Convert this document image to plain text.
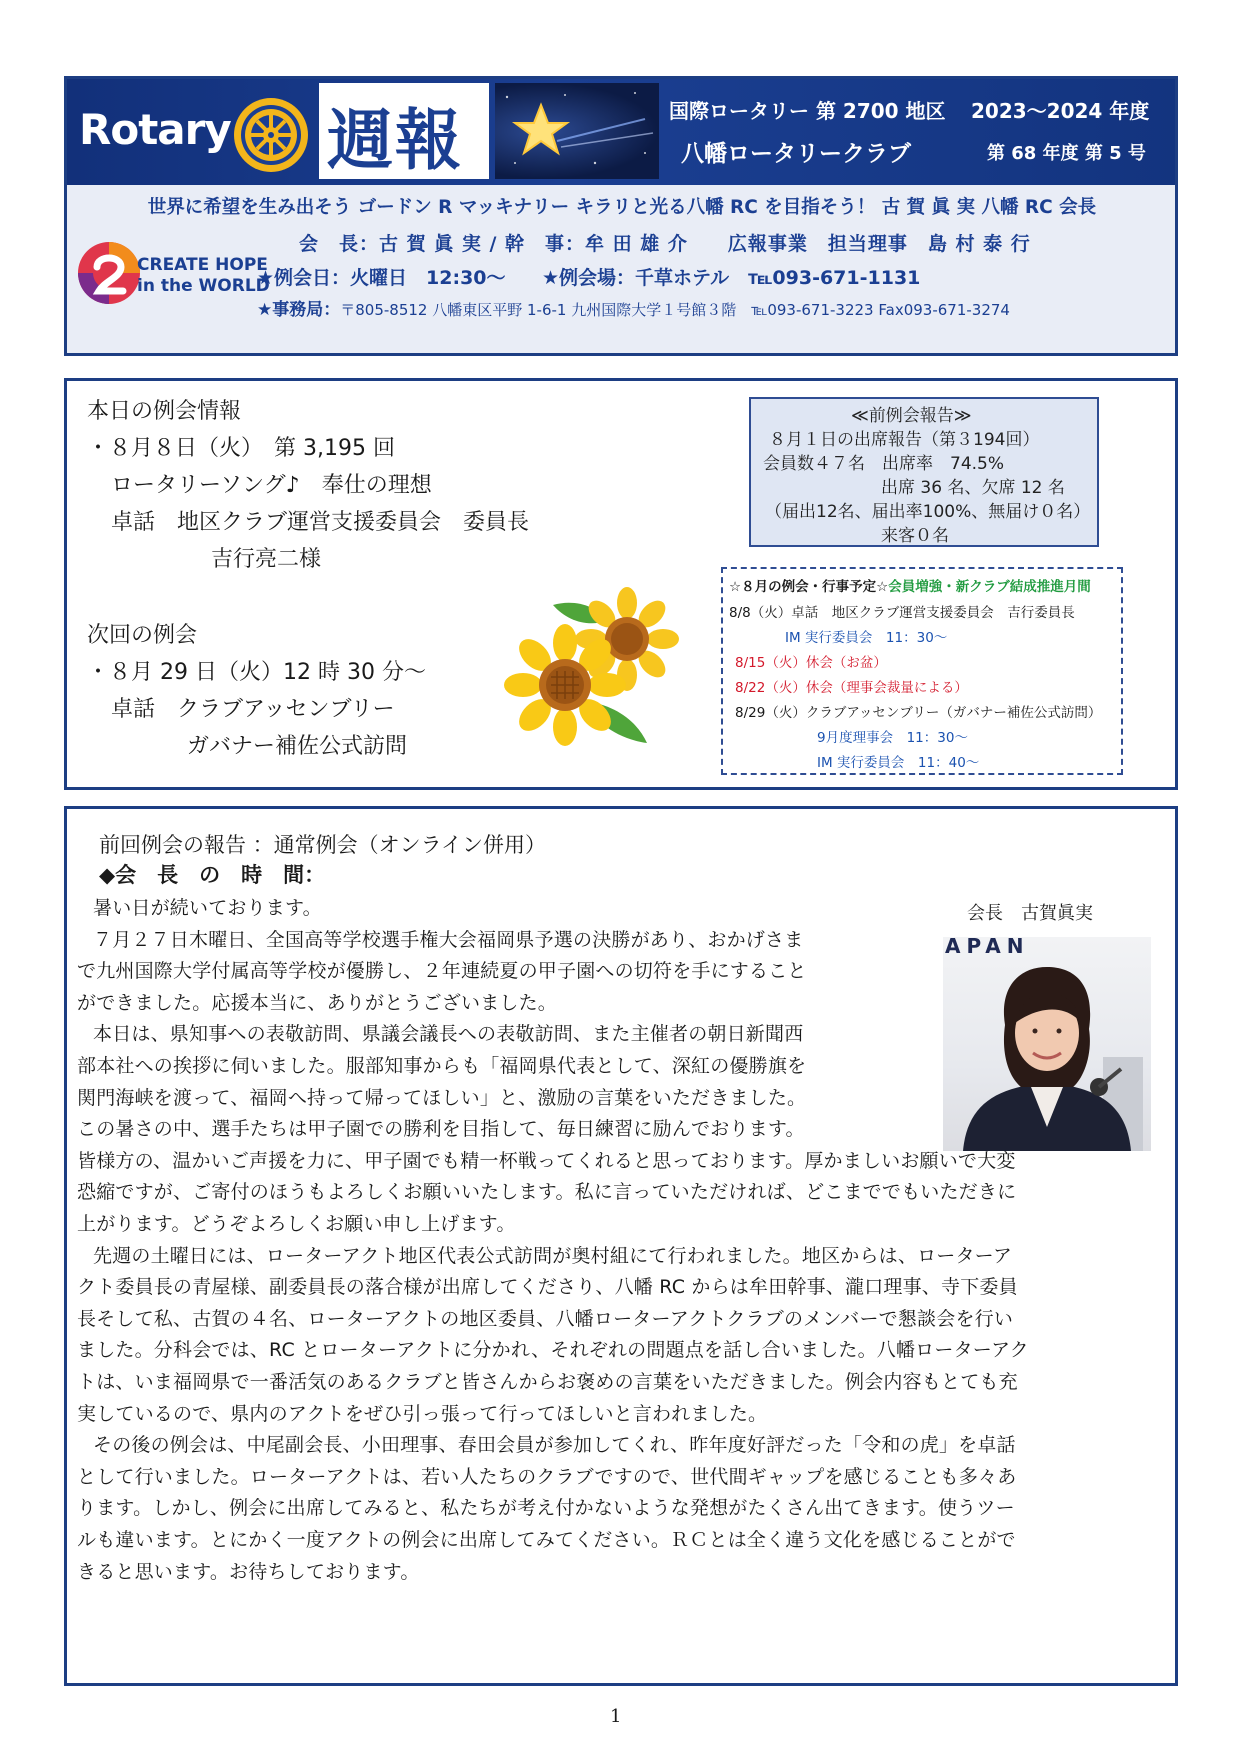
Rotary 週報	国際ロータリー 第 2700 地区 2023～2024 年度
八幡ロータリークラブ	第 68 年度 第 5 号
世界に希望を生み出そう ゴードン R マッキナリー キラリと光る八幡 RC を目指そう！ 古 賀 眞 実 八幡 RC 会長
CREATE HOPE
in the WORLD
会　長：古 賀 眞 実 / 幹　事：牟 田 雄 介　　広報事業　担当理事　島 村 泰 行
★例会日：火曜日　12:30～ ★例会場：千草ホテル　℡093-671-1131
★事務局：〒805-8512 八幡東区平野 1-6-1 九州国際大学１号館３階　℡093-671-3223 Fax093-671-3274
本日の例会情報
・８月８日（火）　第 3,195 回
ロータリーソング♪　奉仕の理想
卓話　地区クラブ運営支援委員会　委員長
吉行亮二様
次回の例会
・８月 29 日（火）12 時 30 分～
卓話　クラブアッセンブリー
ガバナー補佐公式訪問
≪前例会報告≫
８月１日の出席報告（第３194回）
会員数４７名　出席率　74.5%
出席 36 名、欠席 12 名
（届出12名、届出率100%、無届け０名）
来客０名
☆８月の例会・行事予定☆会員増強・新クラブ結成推進月間
8/8（火）卓話　地区クラブ運営支援委員会　吉行委員長
IM 実行委員会　11：30～
8/15（火）休会（お盆）
8/22（火）休会（理事会裁量による）
8/29（火）クラブアッセンブリー（ガバナー補佐公式訪問）
9月度理事会　11：30～
IM 実行委員会　11：40～
前回例会の報告 ：通常例会（オンライン併用）
◆会　長　の　時　間：
会長　古賀眞実
APAN
暑い日が続いております。
７月２７日木曜日、全国高等学校選手権大会福岡県予選の決勝があり、おかげさま
で九州国際大学付属高等学校が優勝し、２年連続夏の甲子園への切符を手にすること
ができました。応援本当に、ありがとうございました。
本日は、県知事への表敬訪問、県議会議長への表敬訪問、また主催者の朝日新聞西
部本社への挨拶に伺いました。服部知事からも「福岡県代表として、深紅の優勝旗を
関門海峡を渡って、福岡へ持って帰ってほしい」と、激励の言葉をいただきました。
この暑さの中、選手たちは甲子園での勝利を目指して、毎日練習に励んでおります。
皆様方の、温かいご声援を力に、甲子園でも精一杯戦ってくれると思っております。厚かましいお願いで大変
恐縮ですが、ご寄付のほうもよろしくお願いいたします。私に言っていただければ、どこまででもいただきに
上がります。どうぞよろしくお願い申し上げます。
先週の土曜日には、ローターアクト地区代表公式訪問が奥村組にて行われました。地区からは、ローターア
クト委員長の青屋様、副委員長の落合様が出席してくださり、八幡 RC からは牟田幹事、瀧口理事、寺下委員
長そして私、古賀の４名、ローターアクトの地区委員、八幡ローターアクトクラブのメンバーで懇談会を行い
ました。分科会では、RC とローターアクトに分かれ、それぞれの問題点を話し合いました。八幡ローターアク
トは、いま福岡県で一番活気のあるクラブと皆さんからお褒めの言葉をいただきました。例会内容もとても充
実しているので、県内のアクトをぜひ引っ張って行ってほしいと言われました。
その後の例会は、中尾副会長、小田理事、春田会員が参加してくれ、昨年度好評だった「令和の虎」を卓話
として行いました。ローターアクトは、若い人たちのクラブですので、世代間ギャップを感じることも多々あ
ります。しかし、例会に出席してみると、私たちが考え付かないような発想がたくさん出てきます。使うツー
ルも違います。とにかく一度アクトの例会に出席してみてください。ＲＣとは全く違う文化を感じることがで
きると思います。お待ちしております。
1
